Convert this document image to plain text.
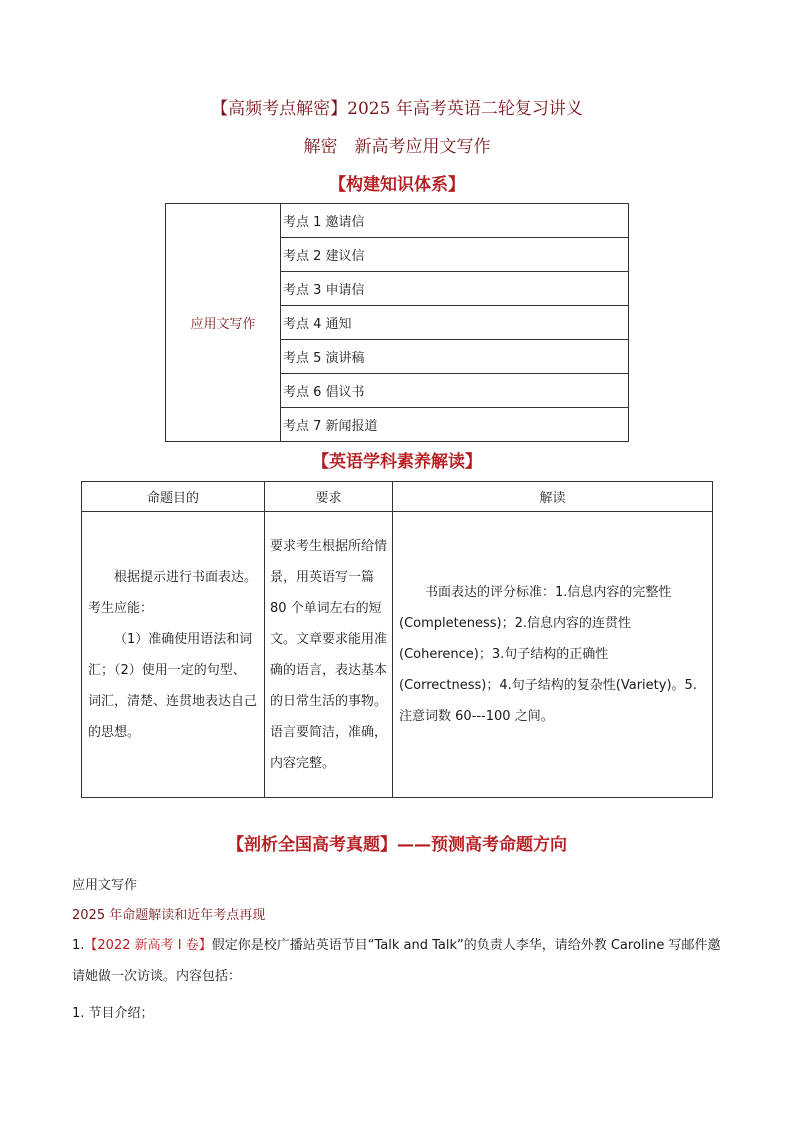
【高频考点解密】2025 年高考英语二轮复习讲义
解密　新高考应用文写作
【构建知识体系】
应用文写作	考点 1 邀请信
考点 2 建议信
考点 3 申请信
考点 4 通知
考点 5 演讲稿
考点 6 倡议书
考点 7 新闻报道
【英语学科素养解读】
命题目的	要求	解读

根据提示进行书面表达。考生应能：
（1）准确使用语法和词汇；（2）使用一定的句型、词汇，清楚、连贯地表达自己的思想。	要求考生根据所给情景，用英语写一篇 80 个单词左右的短文。文章要求能用准确的语言，表达基本的日常生活的事物。语言要简洁，准确，内容完整。	　　书面表达的评分标准：1.信息内容的完整性(Completeness)；2.信息内容的连贯性(Coherence)；3.句子结构的正确性(Correctness)；4.句子结构的复杂性(Variety)。5.注意词数 60---100 之间。
【剖析全国高考真题】——预测高考命题方向
应用文写作
2025 年命题解读和近年考点再现
1.【2022 新高考 I 卷】假定你是校广播站英语节目“Talk and Talk”的负责人李华，请给外教 Caroline 写邮件邀请她做一次访谈。内容包括：
1. 节目介绍；
